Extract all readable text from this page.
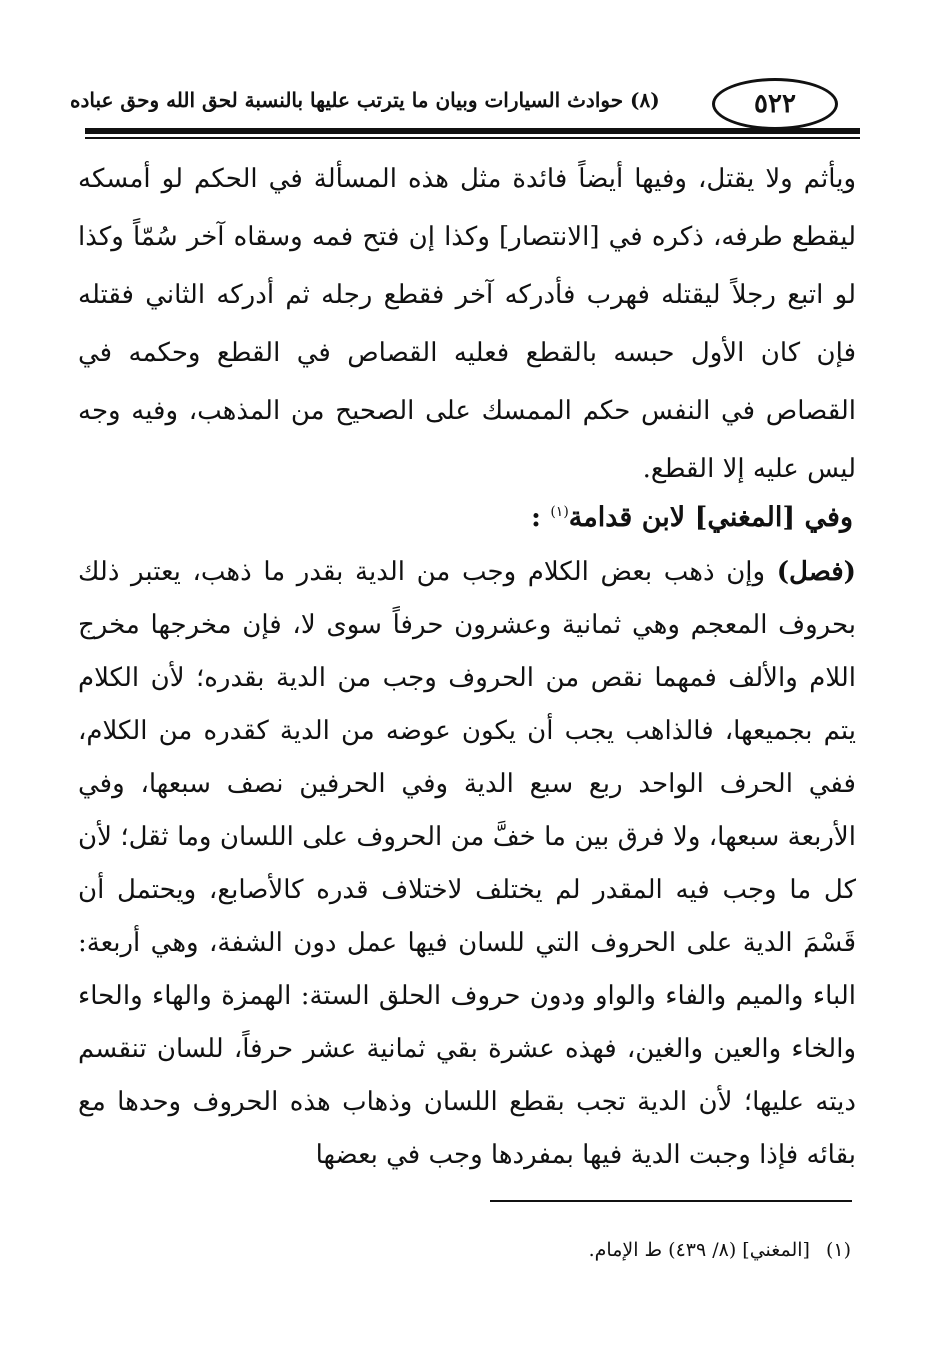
٥٢٢
(٨) حوادث السيارات وبيان ما يترتب عليها بالنسبة لحق الله وحق عباده
ويأثم ولا يقتل، وفيها أيضاً فائدة مثل هذه المسألة في الحكم لو أمسكه ليقطع طرفه، ذكره في [الانتصار] وكذا إن فتح فمه وسقاه آخر سُمّاً وكذا لو اتبع رجلاً ليقتله فهرب فأدركه آخر فقطع رجله ثم أدركه الثاني فقتله فإن كان الأول حبسه بالقطع فعليه القصاص في القطع وحكمه في القصاص في النفس حكم الممسك على الصحيح من المذهب، وفيه وجه ليس عليه إلا القطع.
وفي [المغني] لابن قدامة$^{(١)}$ :
(فصل) وإن ذهب بعض الكلام وجب من الدية بقدر ما ذهب، يعتبر ذلك بحروف المعجم وهي ثمانية وعشرون حرفاً سوى لا، فإن مخرجها مخرج اللام والألف فمهما نقص من الحروف وجب من الدية بقدره؛ لأن الكلام يتم بجميعها، فالذاهب يجب أن يكون عوضه من الدية كقدره من الكلام، ففي الحرف الواحد ربع سبع الدية وفي الحرفين نصف سبعها، وفي الأربعة سبعها، ولا فرق بين ما خفَّ من الحروف على اللسان وما ثقل؛ لأن كل ما وجب فيه المقدر لم يختلف لاختلاف قدره كالأصابع، ويحتمل أن قَسْمَ الدية على الحروف التي للسان فيها عمل دون الشفة، وهي أربعة: الباء والميم والفاء والواو ودون حروف الحلق الستة: الهمزة والهاء والحاء والخاء والعين والغين، فهذه عشرة بقي ثمانية عشر حرفاً، للسان تنقسم ديته عليها؛ لأن الدية تجب بقطع اللسان وذهاب هذه الحروف وحدها مع بقائه فإذا وجبت الدية فيها بمفردها وجب في بعضها
(١)[المغني] (٨/ ٤٣٩) ط الإمام.
